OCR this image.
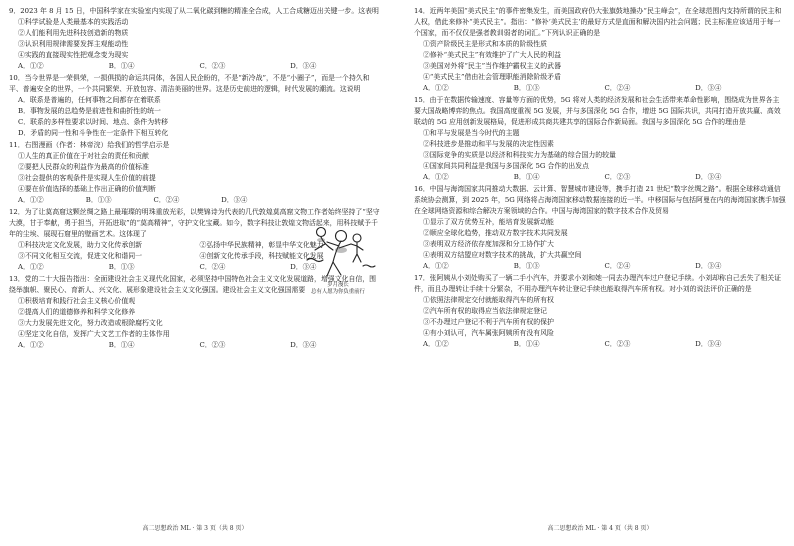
9．2023 年 8 月 15 日，中国科学家在实验室内实现了从二氧化碳到糖的精准全合成，人工合成糖迈出关键一步。这表明

①科学试验是人类最基本的实践活动

②人们能利用先进科技创造新的物质

③认识利用规律需要发挥主观能动性

④实践的直接现实性把观念变为现实

A．①②	B．①④	C．②③	D．③④

10．当今世界是一荣俱荣，一损俱损的命运共同体，各国人民企盼的，不是“新冷战”，不是“小圈子”，而是一个持久和平、普遍安全的世界，一个共同繁荣、开放包容、清洁美丽的世界。这是历史前进的逻辑，时代发展的潮流。这说明

A．联系是普遍的，任何事物之间都存在着联系

B．事物发展的总趋势是前进性和曲折性的统一

C．联系的多样性要求以时间、地点、条件为转移

D．矛盾的同一性和斗争性在一定条件下相互转化

11．右图漫画（作者：林帝浣）给我们的哲学启示是

①人生的真正价值在于对社会的责任和贡献

②要把人民群众的利益作为最高的价值标准

③社会提供的客观条件是实现人生价值的前提

④要在价值选择的基础上作出正确的价值判断

A．①②	B．①③	C．②④	D．③④
岁月漫长
总有人愿为你负重前行

12．为了让莫高窟这颗丝绸之路上最璀璨的明珠重放光彩，以樊锦诗为代表的几代敦煌莫高窟文物工作者始终坚持了“坚守大漠，甘于奉献，勇于担当，开拓进取”的“莫高精神”，守护文化宝藏。如今，数字科技让敦煌文物活起来，用科技赋予千年的尘埃、展现石窟里的壁画艺术。这体现了

①科技决定文化发展，助力文化传承创新	②弘扬中华民族精神，彰显中华文化魅力
③不同文化相互交流，促进文化和谐同一	④创新文化传承手段，科技赋能文化发展
A．①②	B．①③	C．②④	D．③④

13．党的二十大报告指出：全面建设社会主义现代化国家，必须坚持中国特色社会主义文化发展道路，增强文化自信，围绕举旗帜、聚民心、育新人、兴文化、展形象建设社会主义文化强国。建设社会主义文化强国需要

①积极培育和践行社会主义核心价值观

②提高人们的道德修养和科学文化修养

③大力发展先进文化，努力改造或根除腐朽文化

④坚定文化自信，发挥广大文艺工作者的主体作用

A．①②	B．①④	C．②③	D．③④
高二思想政治 ML · 第 3 页（共 8 页）

14．近两年美国“美式民主”的事件密集发生，而美国政府仍大张旗鼓地操办“民主峰会”，在全球范围内支持所谓的民主和人权，借此来修补“美式民主”。指出：“修补‘美式民主’的最好方式是直面和解决国内社会问题；民主标准应该适用于每一个国家，而不仅仅是强者教训弱者的词汇。”下列认识正确的是

①资产阶级民主是形式和本质的阶级性质

②修补“美式民主”有效维护了广大人民的利益

③美国对外将“民主”当作维护霸权主义的武器

④“美式民主”借由社会管理职能消除阶级矛盾

A．①②	B．①③	C．②④	D．③④

15．由于在数据传输速度、容量等方面的优势，5G 将对人类的经济发展和社会生活带来革命性影响，围绕成为世界各主要大国战略博弈的焦点。我国高度重视 5G 发展，并与多国深化 5G 合作，增进 5G 国际共识，共同打造开放共赢、高效联动的 5G 应用创新发展格局，促进形成共商共建共享的国际合作新局面。我国与多国深化 5G 合作的理由是

①和平与发展是当今时代的主题

②科技进步是推动和平与发展的决定性因素

③国际竞争的实质是以经济和科技实力为基础的综合国力的较量

④国家间共同利益是我国与多国深化 5G 合作的出发点

A．①②	B．①④	C．②③	D．③④

16．中国与海湾国家共同推动大数据、云计算、智慧城市建设等，携手打造 21 世纪“数字丝绸之路”。根据全球移动通信系统协会测算，到 2025 年，5G 网络将占海湾国家移动数据连接的近一半。中移国际与包括阿曼在内的海湾国家携手加强在全球网络资源和综合解决方案领域的合作。中国与海湾国家的数字技术合作及贸易

①显示了双方优势互补，能培育发展新动能

②顺应全球化趋势，推动双方数字技术共同发展

③表明双方经济依存度加深和分工协作扩大

④表明双方结盟应对数字技术的挑战，扩大共赢空间

A．①②	B．①③	C．②④	D．③④

17．张阿姨从小刘处购买了一辆二手小汽车，并要求小刘和她一同去办理汽车过户登记手续。小刘却称自己丢失了相关证件，而且办理转让手续十分繁杂，不用办理汽车转让登记手续也能取得汽车所有权。对小刘的说法评价正确的是

①依照法律规定交付就能取得汽车的所有权

②汽车所有权的取得应当依法律规定登记

③不办理过户登记不利于汽车所有权的保护

④有小刘认可，汽车属张阿姨所有没有风险

A．①②	B．①④	C．②③	D．③④
高二思想政治 ML · 第 4 页（共 8 页）
